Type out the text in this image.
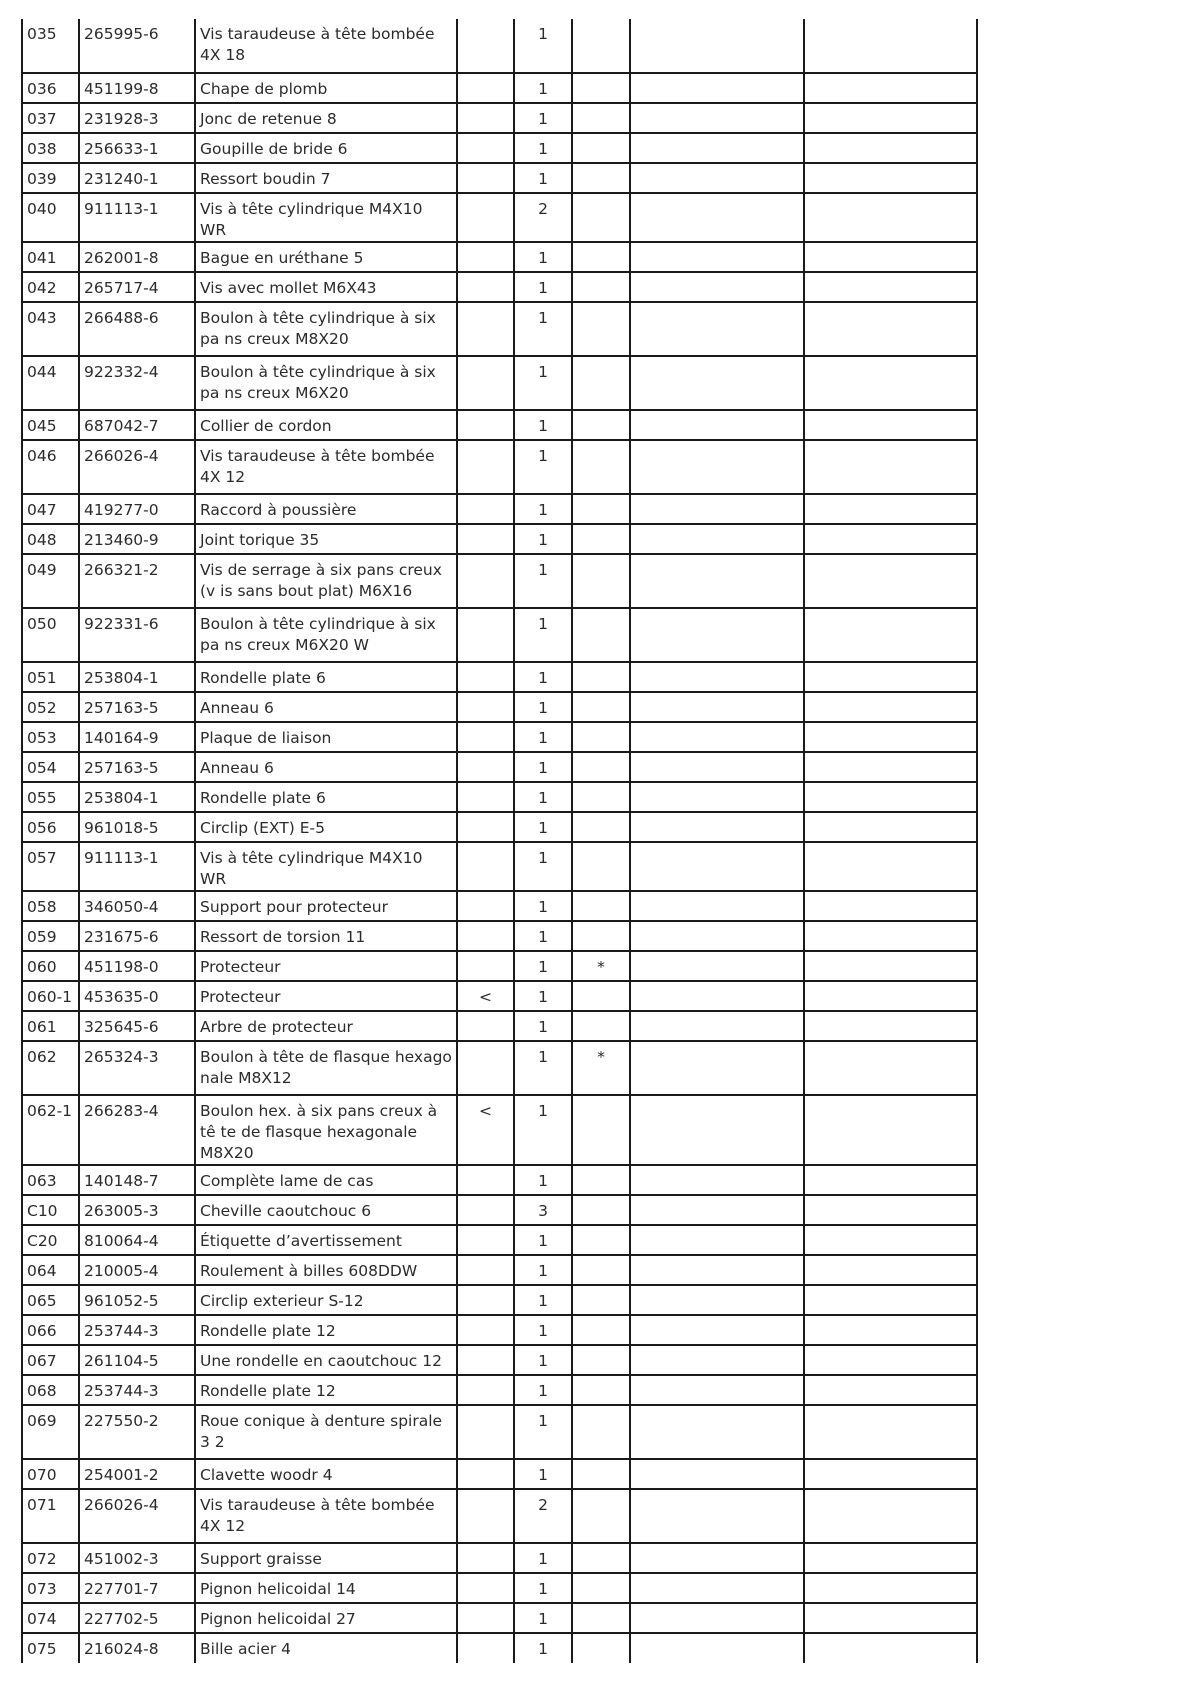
035	265995-6	Vis taraudeuse à tête bombée 4X 18		1			

036	451199-8	Chape de plomb		1			

037	231928-3	Jonc de retenue 8		1			

038	256633-1	Goupille de bride 6		1			

039	231240-1	Ressort boudin 7		1			

040	911113-1	Vis à tête cylindrique M4X10 WR		2			

041	262001-8	Bague en uréthane 5		1			

042	265717-4	Vis avec mollet M6X43		1			

043	266488-6	Boulon à tête cylindrique à six pa ns creux M8X20		1			

044	922332-4	Boulon à tête cylindrique à six pa ns creux M6X20		1			

045	687042-7	Collier de cordon		1			

046	266026-4	Vis taraudeuse à tête bombée 4X 12		1			

047	419277-0	Raccord à poussière		1			

048	213460-9	Joint torique 35		1			

049	266321-2	Vis de serrage à six pans creux (v is sans bout plat) M6X16		1			

050	922331-6	Boulon à tête cylindrique à six pa ns creux M6X20 W		1			

051	253804-1	Rondelle plate 6		1			

052	257163-5	Anneau 6		1			

053	140164-9	Plaque de liaison		1			

054	257163-5	Anneau 6		1			

055	253804-1	Rondelle plate 6		1			

056	961018-5	Circlip (EXT) E-5		1			

057	911113-1	Vis à tête cylindrique M4X10 WR		1			

058	346050-4	Support pour protecteur		1			

059	231675-6	Ressort de torsion 11		1			

060	451198-0	Protecteur		1	*		

060-1	453635-0	Protecteur	<	1			

061	325645-6	Arbre de protecteur		1			

062	265324-3	Boulon à tête de flasque hexago nale M8X12		1	*		

062-1	266283-4	Boulon hex. à six pans creux à tê te de flasque hexagonale M8X20	<	1			

063	140148-7	Complète lame de cas		1			

C10	263005-3	Cheville caoutchouc 6		3			

C20	810064-4	Étiquette d’avertissement		1			

064	210005-4	Roulement à billes 608DDW		1			

065	961052-5	Circlip exterieur S-12		1			

066	253744-3	Rondelle plate 12		1			

067	261104-5	Une rondelle en caoutchouc 12		1			

068	253744-3	Rondelle plate 12		1			

069	227550-2	Roue conique à denture spirale 3 2		1			

070	254001-2	Clavette woodr 4		1			

071	266026-4	Vis taraudeuse à tête bombée 4X 12		2			

072	451002-3	Support graisse		1			

073	227701-7	Pignon helicoidal 14		1			

074	227702-5	Pignon helicoidal 27		1			

075	216024-8	Bille acier 4		1			
